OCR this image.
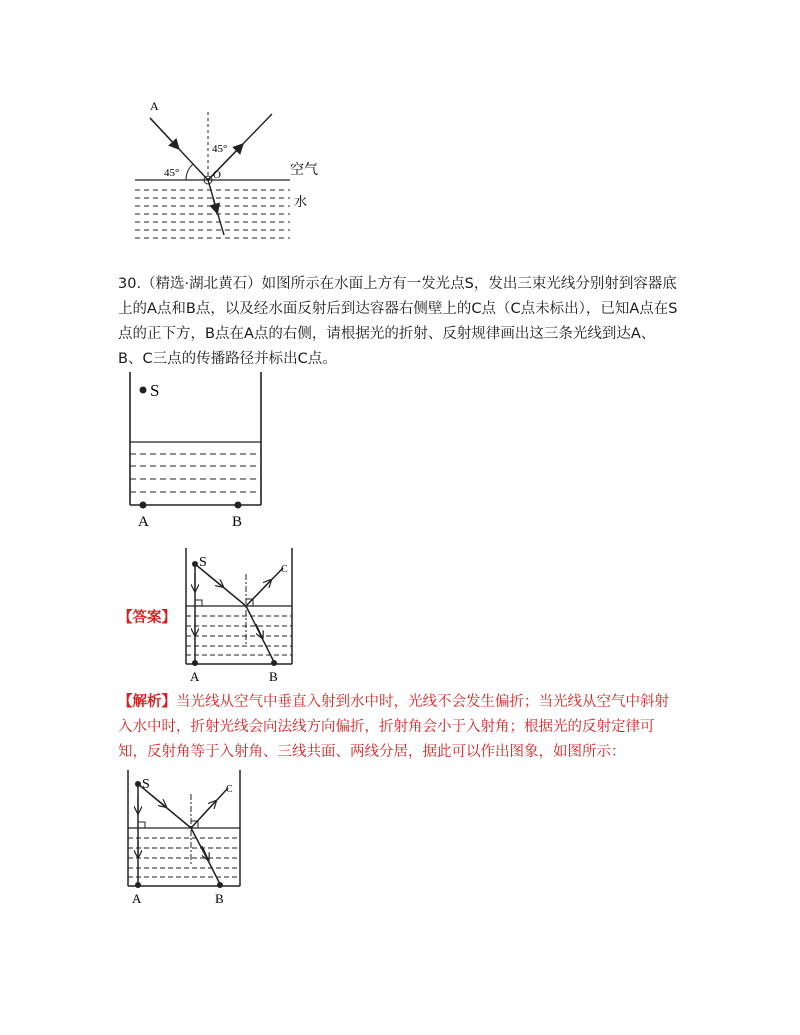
A
45°
45°	O	空气
水

30.（精选·湖北黄石）如图所示在水面上方有一发光点S，发出三束光线分别射到容器底上的A点和B点，以及经水面反射后到达容器右侧壁上的C点（C点未标出），已知A点在S点的正下方，B点在A点的右侧，请根据光的折射、反射规律画出这三条光线到达A、B、C三点的传播路径并标出C点。

S
A	B
【答案】
S	C
A	B

【解析】当光线从空气中垂直入射到水中时，光线不会发生偏折；当光线从空气中斜射入水中时，折射光线会向法线方向偏折，折射角会小于入射角；根据光的反射定律可知，反射角等于入射角、三线共面、两线分居，据此可以作出图象，如图所示：

S	C
A	B
